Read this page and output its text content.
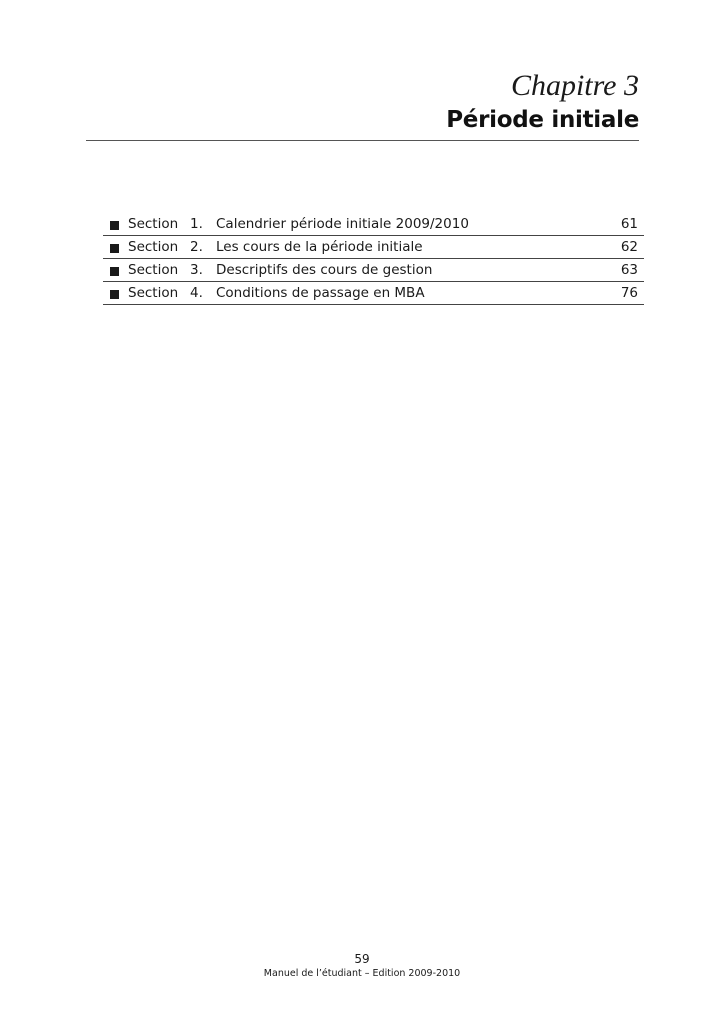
Chapitre 3
Période initiale
Section 1. Calendrier période initiale 2009/2010	61
Section 2. Les cours de la période initiale	62
Section 3. Descriptifs des cours de gestion	63
Section 4. Conditions de passage en MBA	76
59
Manuel de l’étudiant – Edition 2009-2010
